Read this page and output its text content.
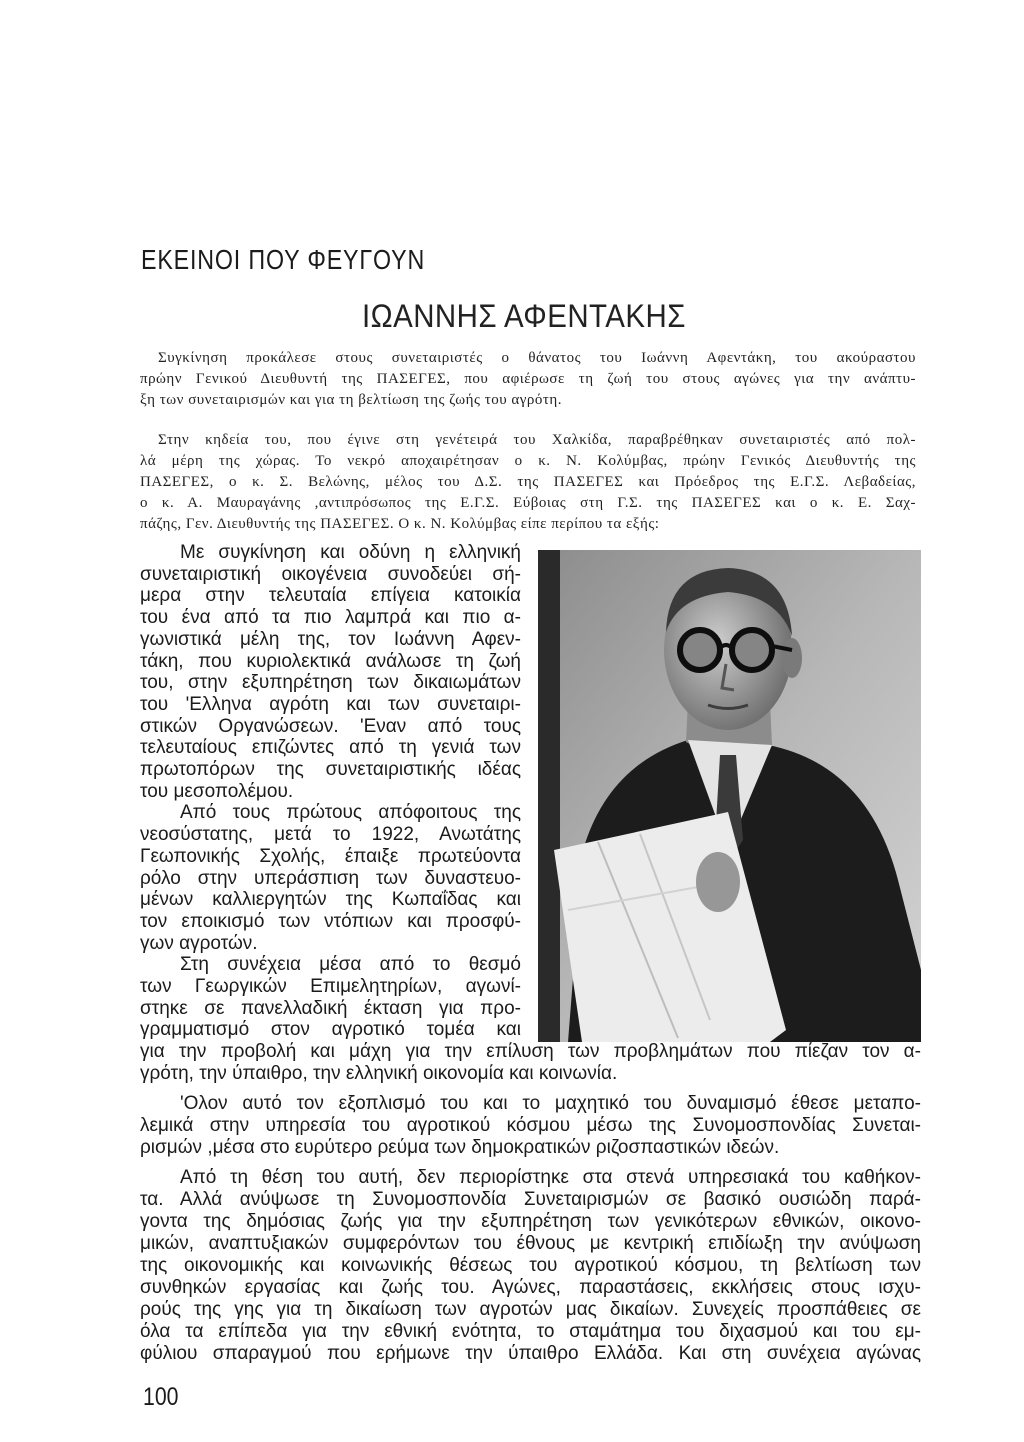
ΕΚΕΙΝΟΙ ΠΟΥ ΦΕΥΓΟΥΝ
ΙΩΑΝΝΗΣ ΑΦΕΝΤΑΚΗΣ
Συγκίνηση προκάλεσε στους συνεταιριστές ο θάνατος του Ιωάννη Αφεντάκη, του ακούραστου
πρώην Γενικού Διευθυντή της ΠΑΣΕΓΕΣ, που αφιέρωσε τη ζωή του στους αγώνες για την ανάπτυ-
ξη των συνεταιρισμών και για τη βελτίωση της ζωής του αγρότη.
Στην κηδεία του, που έγινε στη γενέτειρά του Χαλκίδα, παραβρέθηκαν συνεταιριστές από πολ-
λά μέρη της χώρας. Το νεκρό αποχαιρέτησαν ο κ. Ν. Κολύμβας, πρώην Γενικός Διευθυντής της
ΠΑΣΕΓΕΣ, ο κ. Σ. Βελώνης, μέλος του Δ.Σ. της ΠΑΣΕΓΕΣ και Πρόεδρος της Ε.Γ.Σ. Λεβαδείας,
ο κ. Α. Μαυραγάνης ,αντιπρόσωπος της Ε.Γ.Σ. Εύβοιας στη Γ.Σ. της ΠΑΣΕΓΕΣ και ο κ. Ε. Σαχ-
πάζης, Γεν. Διευθυντής της ΠΑΣΕΓΕΣ. Ο κ. Ν. Κολύμβας είπε περίπου τα εξής:
Με συγκίνηση και οδύνη η ελληνική
συνεταιριστική οικογένεια συνοδεύει σή-
μερα στην τελευταία επίγεια κατοικία
του ένα από τα πιο λαμπρά και πιο α-
γωνιστικά μέλη της, τον Ιωάννη Αφεν-
τάκη, που κυριολεκτικά ανάλωσε τη ζωή
του, στην εξυπηρέτηση των δικαιωμάτων
του 'Ελληνα αγρότη και των συνεταιρι-
στικών Οργανώσεων. 'Εναν από τους
τελευταίους επιζώντες από τη γενιά των
πρωτοπόρων της συνεταιριστικής ιδέας
του μεσοπολέμου.
Από τους πρώτους απόφοιτους της
νεοσύστατης, μετά το 1922, Ανωτάτης
Γεωπονικής Σχολής, έπαιξε πρωτεύοντα
ρόλο στην υπεράσπιση των δυναστευο-
μένων καλλιεργητών της Κωπαΐδας και
τον εποικισμό των ντόπιων και προσφύ-
γων αγροτών.
Στη συνέχεια μέσα από το θεσμό
των Γεωργικών Επιμελητηρίων, αγωνί-
στηκε σε πανελλαδική έκταση για προ-
γραμματισμό στον αγροτικό τομέα και
για την προβολή και μάχη για την επίλυση των προβλημάτων που πίεζαν τον α-
γρότη, την ύπαιθρο, την ελληνική οικονομία και κοινωνία.
'Ολον αυτό τον εξοπλισμό του και το μαχητικό του δυναμισμό έθεσε μεταπο-
λεμικά στην υπηρεσία του αγροτικού κόσμου μέσω της Συνομοσπονδίας Συνεται-
ρισμών ,μέσα στο ευρύτερο ρεύμα των δημοκρατικών ριζοσπαστικών ιδεών.
Από τη θέση του αυτή, δεν περιορίστηκε στα στενά υπηρεσιακά του καθήκον-
τα. Αλλά ανύψωσε τη Συνομοσπονδία Συνεταιρισμών σε βασικό ουσιώδη παρά-
γοντα της δημόσιας ζωής για την εξυπηρέτηση των γενικότερων εθνικών, οικονο-
μικών, αναπτυξιακών συμφερόντων του έθνους με κεντρική επιδίωξη την ανύψωση
της οικονομικής και κοινωνικής θέσεως του αγροτικού κόσμου, τη βελτίωση των
συνθηκών εργασίας και ζωής του. Αγώνες, παραστάσεις, εκκλήσεις στους ισχυ-
ρούς της γης για τη δικαίωση των αγροτών μας δικαίων. Συνεχείς προσπάθειες σε
όλα τα επίπεδα για την εθνική ενότητα, το σταμάτημα του διχασμού και του εμ-
φύλιου σπαραγμού που ερήμωνε την ύπαιθρο Ελλάδα. Και στη συνέχεια αγώνας
100
